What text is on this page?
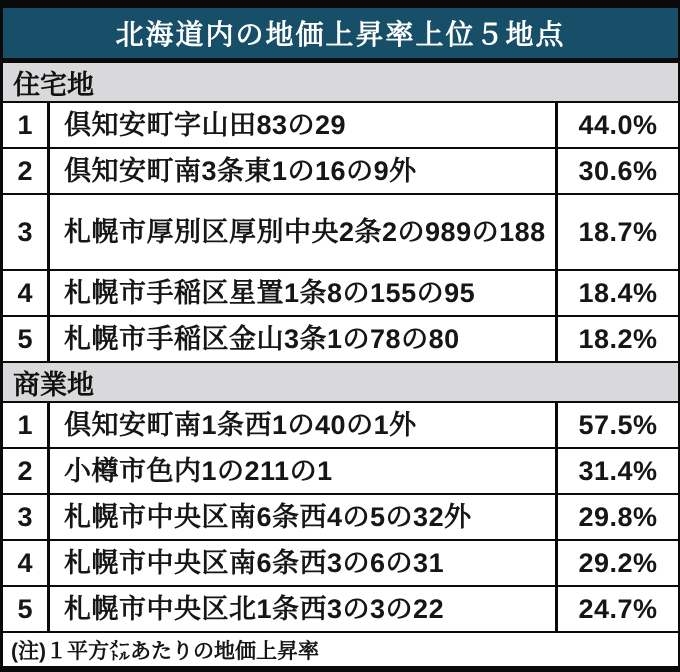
北海道内の地価上昇率上位５地点
住宅地
1	倶知安町字山田83の29	44.0%
2	倶知安町南3条東1の16の9外	30.6%
3	札幌市厚別区厚別中央2条2の989の188	18.7%
4	札幌市手稲区星置1条8の155の95	18.4%
5	札幌市手稲区金山3条1の78の80	18.2%
商業地
1	倶知安町南1条西1の40の1外	57.5%
2	小樽市色内1の211の1	31.4%
3	札幌市中央区南6条西4の5の32外	29.8%
4	札幌市中央区南6条西3の6の31	29.2%
5	札幌市中央区北1条西3の3の22	24.7%
(注)１平方㍍あたりの地価上昇率
